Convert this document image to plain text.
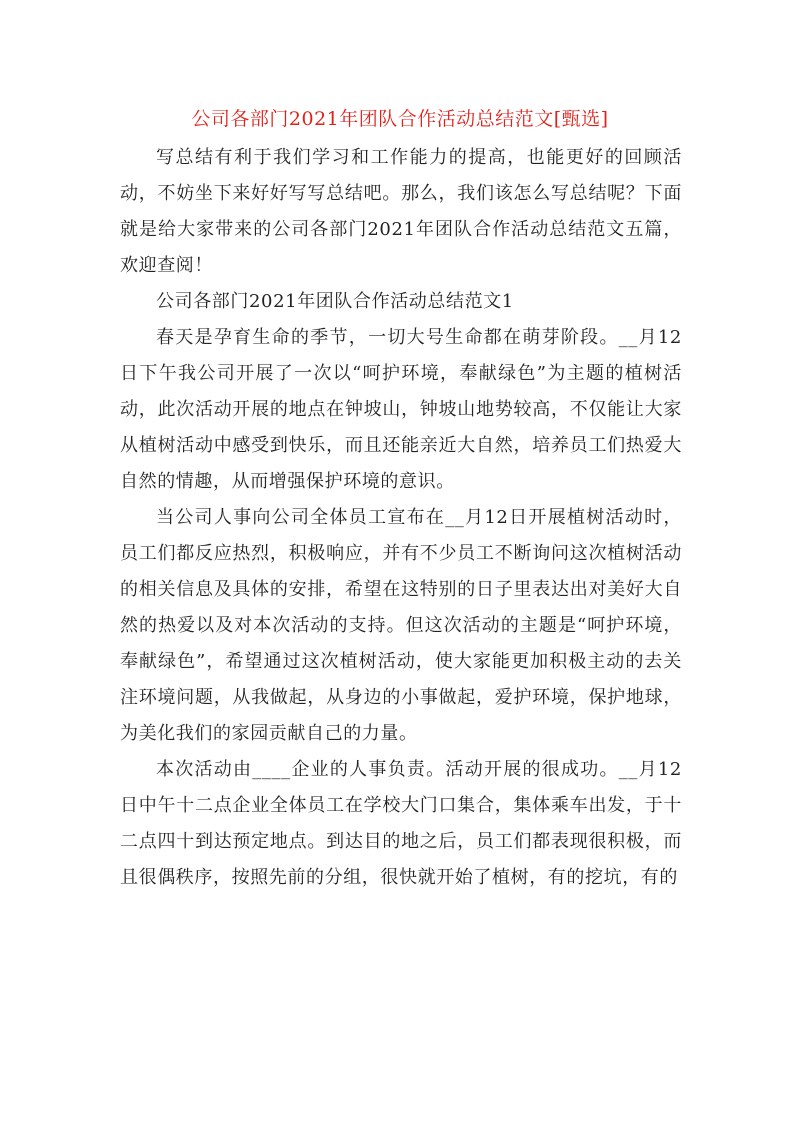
公司各部门2021年团队合作活动总结范文[甄选]

写总结有利于我们学习和工作能力的提高，也能更好的回顾活动，不妨坐下来好好写写总结吧。那么，我们该怎么写总结呢？下面就是给大家带来的公司各部门2021年团队合作活动总结范文五篇，欢迎查阅！

公司各部门2021年团队合作活动总结范文1

春天是孕育生命的季节，一切大号生命都在萌芽阶段。__月12日下午我公司开展了一次以“呵护环境，奉献绿色”为主题的植树活动，此次活动开展的地点在钟坡山，钟坡山地势较高，不仅能让大家从植树活动中感受到快乐，而且还能亲近大自然，培养员工们热爱大自然的情趣，从而增强保护环境的意识。

当公司人事向公司全体员工宣布在__月12日开展植树活动时，员工们都反应热烈，积极响应，并有不少员工不断询问这次植树活动的相关信息及具体的安排，希望在这特别的日子里表达出对美好大自然的热爱以及对本次活动的支持。但这次活动的主题是“呵护环境，奉献绿色”，希望通过这次植树活动，使大家能更加积极主动的去关注环境问题，从我做起，从身边的小事做起，爱护环境，保护地球，为美化我们的家园贡献自己的力量。

本次活动由____企业的人事负责。活动开展的很成功。__月12日中午十二点企业全体员工在学校大门口集合，集体乘车出发，于十二点四十到达预定地点。到达目的地之后，员工们都表现很积极，而且很偶秩序，按照先前的分组，很快就开始了植树，有的挖坑，有的
